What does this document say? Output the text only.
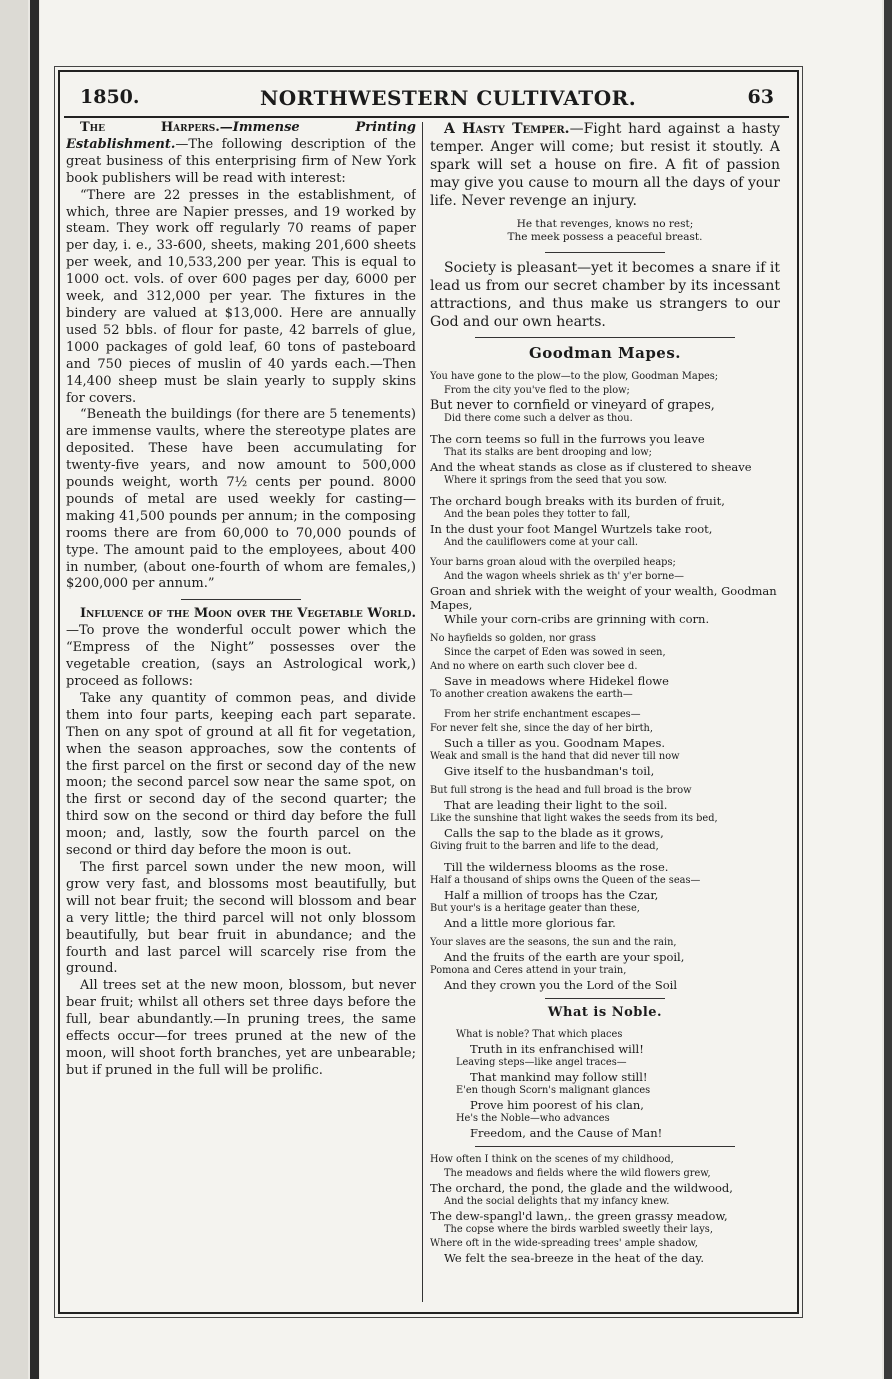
1850.	NORTHWESTERN CULTIVATOR.	63

The Harpers.—Immense Printing Establishment.—The following description of the great business of this enterprising firm of New York book publishers will be read with interest:

“There are 22 presses in the establishment, of which, three are Napier presses, and 19 worked by steam. They work off regularly 70 reams of paper per day, i. e., 33-600, sheets, making 201,600 sheets per week, and 10,533,200 per year. This is equal to 1000 oct. vols. of over 600 pages per day, 6000 per week, and 312,000 per year. The fixtures in the bindery are valued at $13,000. Here are annually used 52 bbls. of flour for paste, 42 barrels of glue, 1000 packages of gold leaf, 60 tons of pasteboard and 750 pieces of muslin of 40 yards each.—Then 14,400 sheep must be slain yearly to supply skins for covers.

“Beneath the buildings (for there are 5 tenements) are immense vaults, where the stereotype plates are deposited. These have been accumulating for twenty-five years, and now amount to 500,000 pounds weight, worth 7½ cents per pound. 8000 pounds of metal are used weekly for casting—making 41,500 pounds per annum; in the composing rooms there are from 60,000 to 70,000 pounds of type. The amount paid to the employees, about 400 in number, (about one-fourth of whom are females,) $200,000 per annum.”

Influence of the Moon over the Vegetable World.—To prove the wonderful occult power which the “Empress of the Night” possesses over the vegetable creation, (says an Astrological work,) proceed as follows:

Take any quantity of common peas, and divide them into four parts, keeping each part separate. Then on any spot of ground at all fit for vegetation, when the season approaches, sow the contents of the first parcel on the first or second day of the new moon; the second parcel sow near the same spot, on the first or second day of the second quarter; the third sow on the second or third day before the full moon; and, lastly, sow the fourth parcel on the second or third day before the moon is out.

The first parcel sown under the new moon, will grow very fast, and blossoms most beautifully, but will not bear fruit; the second will blossom and bear a very little; the third parcel will not only blossom beautifully, but bear fruit in abundance; and the fourth and last parcel will scarcely rise from the ground.

All trees set at the new moon, blossom, but never bear fruit; whilst all others set three days before the full, bear abundantly.—In pruning trees, the same effects occur—for trees pruned at the new of the moon, will shoot forth branches, yet are unbearable; but if pruned in the full will be prolific.

A Hasty Temper.—Fight hard against a hasty temper. Anger will come; but resist it stoutly. A spark will set a house on fire. A fit of passion may give you cause to mourn all the days of your life. Never revenge an injury.

He that revenges, knows no rest;
The meek possess a peaceful breast.

Society is pleasant—yet it becomes a snare if it lead us from our secret chamber by its incessant attractions, and thus make us strangers to our God and our own hearts.

Goodman Mapes.
You have gone to the plow—to the plow, Goodman Mapes;
From the city you've fled to the plow;
But never to cornfield or vineyard of grapes,
Did there come such a delver as thou.
The corn teems so full in the furrows you leave
That its stalks are bent drooping and low;
And the wheat stands as close as if clustered to sheave
Where it springs from the seed that you sow.
The orchard bough breaks with its burden of fruit,
And the bean poles they totter to fall,
In the dust your foot Mangel Wurtzels take root,
And the cauliflowers come at your call.
Your barns groan aloud with the overpiled heaps;
And the wagon wheels shriek as th' y'er borne—
Groan and shriek with the weight of your wealth, Goodman Mapes,
While your corn-cribs are grinning with corn.
No hayfields so golden, nor grass
Since the carpet of Eden was sowed in seen,
And no where on earth such clover bee d.
Save in meadows where Hidekel flowe
To another creation awakens the earth—
From her strife enchantment escapes—
For never felt she, since the day of her birth,
Such a tiller as you. Goodnam Mapes.
Weak and small is the hand that did never till now
Give itself to the husbandman's toil,
But full strong is the head and full broad is the brow
That are leading their light to the soil.
Like the sunshine that light wakes the seeds from its bed,
Calls the sap to the blade as it grows,
Giving fruit to the barren and life to the dead,
Till the wilderness blooms as the rose.
Half a thousand of ships owns the Queen of the seas—
Half a million of troops has the Czar,
But your's is a heritage geater than these,
And a little more glorious far.
Your slaves are the seasons, the sun and the rain,
And the fruits of the earth are your spoil,
Pomona and Ceres attend in your train,
And they crown you the Lord of the Soil
What is Noble.
What is noble? That which places
Truth in its enfranchised will!
Leaving steps—like angel traces—
That mankind may follow still!
E'en though Scorn's malignant glances
Prove him poorest of his clan,
He's the Noble—who advances
Freedom, and the Cause of Man!
How often I think on the scenes of my childhood,
The meadows and fields where the wild flowers grew,
The orchard, the pond, the glade and the wildwood,
And the social delights that my infancy knew.
The dew-spangl'd lawn,. the green grassy meadow,
The copse where the birds warbled sweetly their lays,
Where oft in the wide-spreading trees' ample shadow,
We felt the sea-breeze in the heat of the day.
